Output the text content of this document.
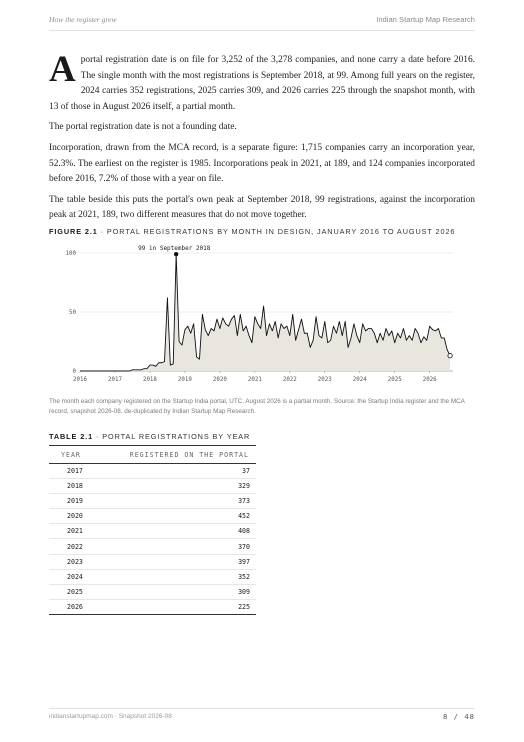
How the register grew	Indian Startup Map Research

Aportal registration date is on file for 3,252 of the 3,278 companies, and none carry a date before 2016. The single month with the most registrations is September 2018, at 99. Among full years on the register, 2024 carries 352 registrations, 2025 carries 309, and 2026 carries 225 through the snapshot month, with 13 of those in August 2026 itself, a partial month.

The portal registration date is not a founding date.

Incorporation, drawn from the MCA record, is a separate figure: 1,715 companies carry an incorporation year, 52.3%. The earliest on the register is 1985. Incorporations peak in 2021, at 189, and 124 companies incorporated before 2016, 7.2% of those with a year on file.

The table beside this puts the portal's own peak at September 2018, 99 registrations, against the incorporation peak at 2021, 189, two different measures that do not move together.

FIGURE 2.1 · PORTAL REGISTRATIONS BY MONTH IN DESIGN, JANUARY 2016 TO AUGUST 2026
0
50
100
2016	2017	2018	2019	2020	2021	2022	2023	2024	2025	2026
99 in September 2018
The month each company registered on the Startup India portal, UTC. August 2026 is a partial month. Source: the Startup India register and the MCA record, snapshot 2026-08, de-duplicated by Indian Startup Map Research.
TABLE 2.1 · PORTAL REGISTRATIONS BY YEAR
YEAR	REGISTERED ON THE PORTAL
2017	37
2018	329
2019	373
2020	452
2021	408
2022	370
2023	397
2024	352
2025	309
2026	225
indianstartupmap.com · Snapshot 2026-08	8 / 48
